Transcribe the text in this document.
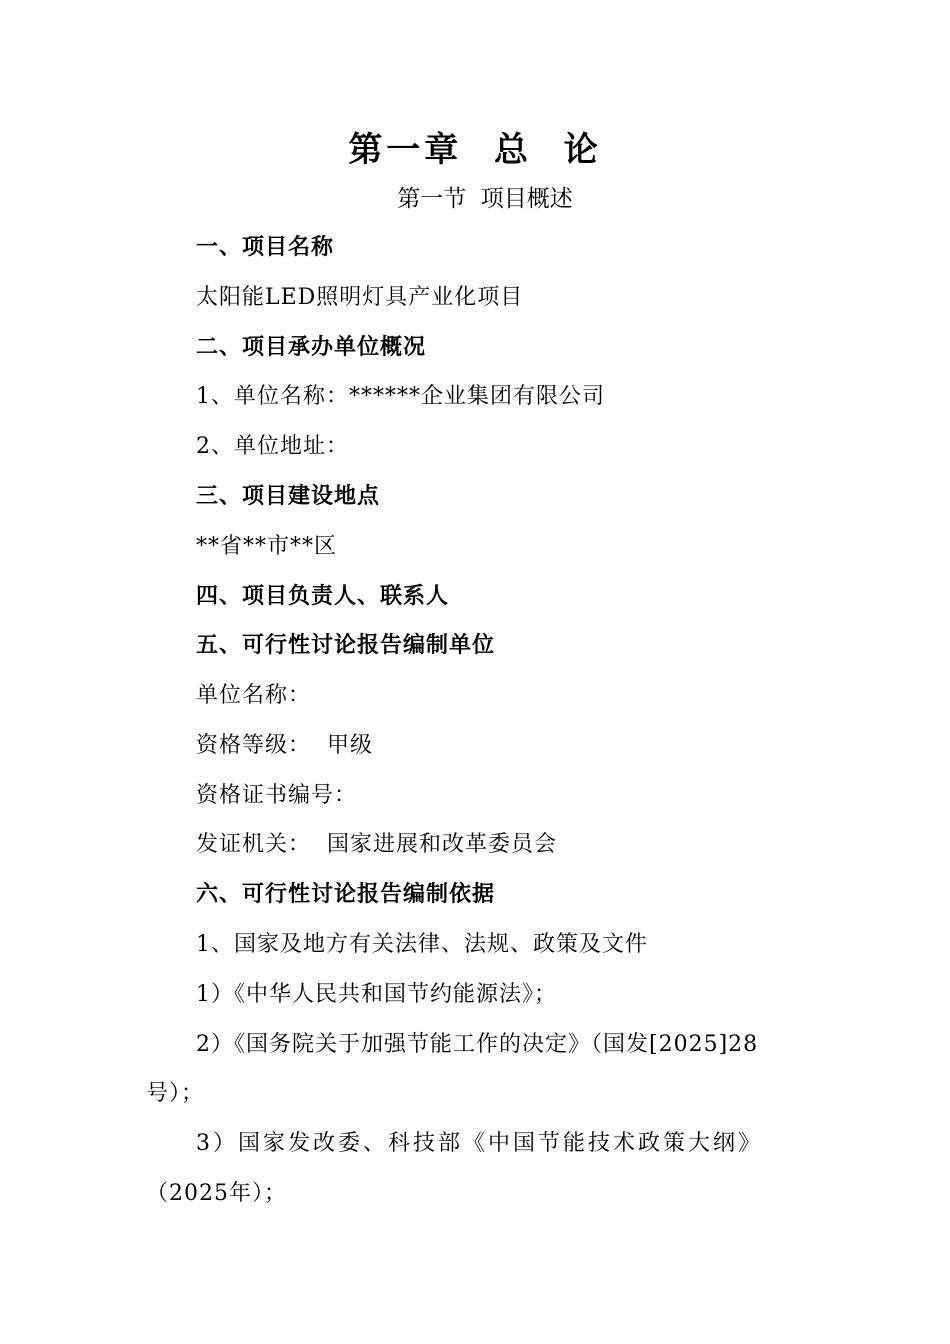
第一章  总  论
第一节  项目概述
一、项目名称
太阳能LED照明灯具产业化项目
二、项目承办单位概况
1、单位名称：******企业集团有限公司
2、单位地址：
三、项目建设地点
**省**市**区
四、项目负责人、联系人
五、可行性讨论报告编制单位
单位名称：
资格等级：  甲级
资格证书编号：
发证机关：  国家进展和改革委员会
六、可行性讨论报告编制依据
1、国家及地方有关法律、法规、政策及文件
1）《中华人民共和国节约能源法》；
2）《国务院关于加强节能工作的决定》（国发[2025]28
号）；
3）国家发改委、科技部《中国节能技术政策大纲》
（2025年）；
